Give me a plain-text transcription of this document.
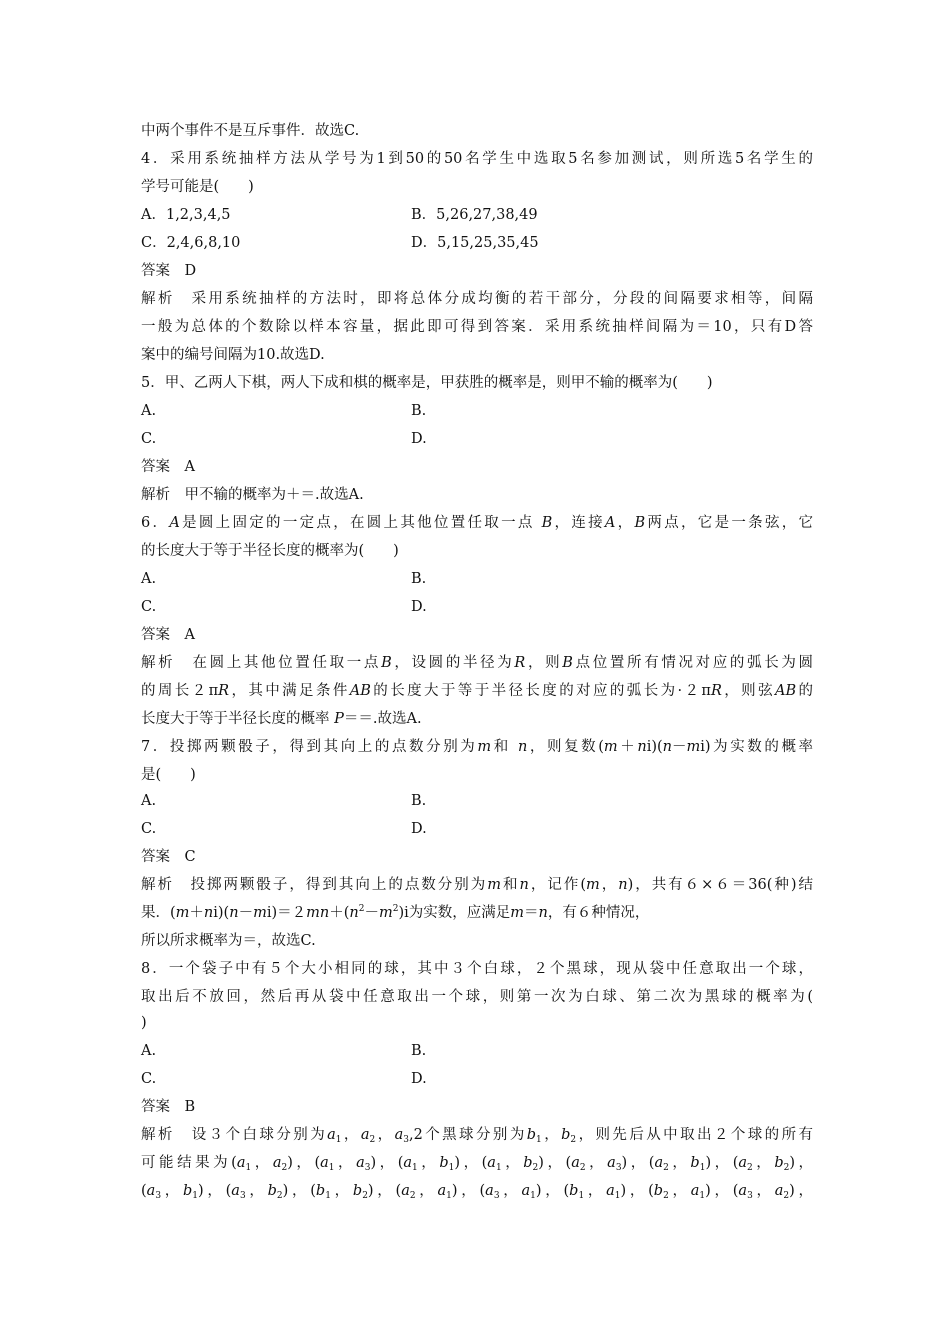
中两个事件不是互斥事件．故选C.
4．采用系统抽样方法从学号为1到50的50名学生中选取5名参加测试，则所选5名学生的
学号可能是(　　)
A．1,2,3,4,5	B．5,26,27,38,49
C．2,4,6,8,10	D．5,15,25,35,45
答案　D
解析　采用系统抽样的方法时，即将总体分成均衡的若干部分，分段的间隔要求相等，间隔
一般为总体的个数除以样本容量，据此即可得到答案．采用系统抽样间隔为＝10，只有D答
案中的编号间隔为10.故选D.
5．甲、乙两人下棋，两人下成和棋的概率是，甲获胜的概率是，则甲不输的概率为(　　)
A.	B.
C.	D.
答案　A
解析　甲不输的概率为＋＝.故选A.
6．A是圆上固定的一定点，在圆上其他位置任取一点 B，连接A，B两点，它是一条弦，它
的长度大于等于半径长度的概率为(　　)
A.	B.
C.	D.
答案　A
解析　在圆上其他位置任取一点B，设圆的半径为R，则B点位置所有情况对应的弧长为圆
的周长２πR，其中满足条件AB的长度大于等于半径长度的对应的弧长为·２πR，则弦AB的
长度大于等于半径长度的概率 P＝＝.故选A.
7．投掷两颗骰子，得到其向上的点数分别为m和 n，则复数(m＋ni)(n－mi)为实数的概率
是(　　)
A.	B.
C.	D.
答案　C
解析　投掷两颗骰子，得到其向上的点数分别为m和n，记作(m，n)，共有６×６＝36(种)结
果．$(m+ni)(n-mi)=2mn+(n^2-m^2)i$为实数，应满足m＝n，有６种情况，
所以所求概率为＝，故选C.
8．一个袋子中有５个大小相同的球，其中３个白球，２个黑球，现从袋中任意取出一个球，
取出后不放回，然后再从袋中任意取出一个球，则第一次为白球、第二次为黑球的概率为(
)
A.	B.
C.	D.
答案　B
解析　设３个白球分别为$a_1$，$a_2$，$a_3,2$个黑球分别为$b_1$，$b_2$，则先后从中取出２个球的所有
可能结果为($a_1$，$a_2$)，($a_1$，$a_3$)，($a_1$，$b_1$)，($a_1$，$b_2$)，($a_2$，$a_3$)，($a_2$，$b_1$)，($a_2$，$b_2$)，
($a_3$，$b_1$)，($a_3$，$b_2$)，($b_1$，$b_2$)，($a_2$，$a_1$)，($a_3$，$a_1$)，($b_1$，$a_1$)，($b_2$，$a_1$)，($a_3$，$a_2$)，
